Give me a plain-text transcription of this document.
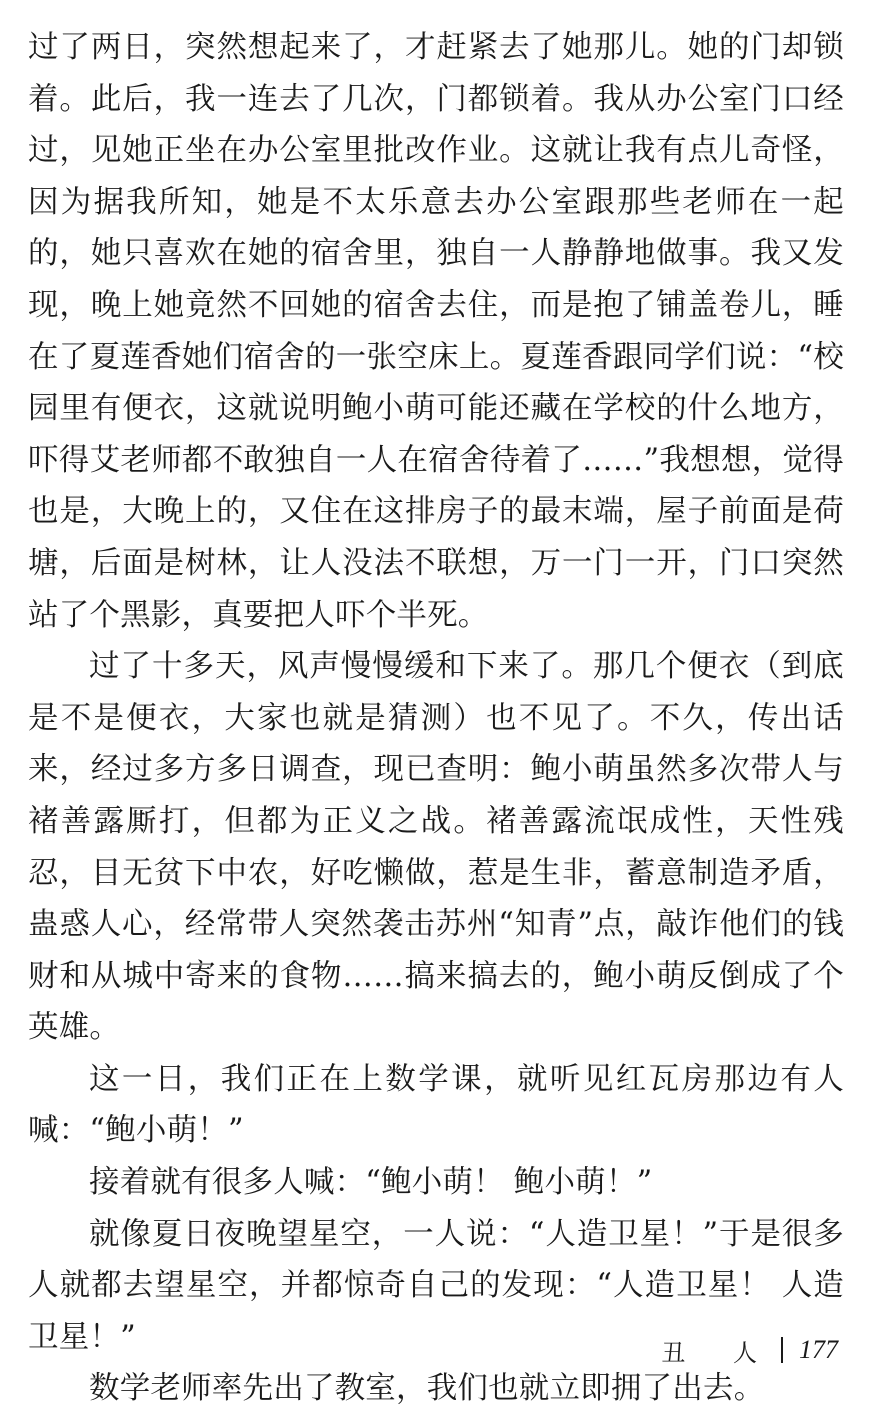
过了两日，突然想起来了，才赶紧去了她那儿。她的门却锁着。此后，我一连去了几次，门都锁着。我从办公室门口经过，见她正坐在办公室里批改作业。这就让我有点儿奇怪，因为据我所知，她是不太乐意去办公室跟那些老师在一起的，她只喜欢在她的宿舍里，独自一人静静地做事。我又发现，晚上她竟然不回她的宿舍去住，而是抱了铺盖卷儿，睡在了夏莲香她们宿舍的一张空床上。夏莲香跟同学们说：“校园里有便衣，这就说明鲍小萌可能还藏在学校的什么地方，吓得艾老师都不敢独自一人在宿舍待着了……”我想想，觉得也是，大晚上的，又住在这排房子的最末端，屋子前面是荷塘，后面是树林，让人没法不联想，万一门一开，门口突然站了个黑影，真要把人吓个半死。

过了十多天，风声慢慢缓和下来了。那几个便衣（到底是不是便衣，大家也就是猜测）也不见了。不久，传出话来，经过多方多日调查，现已查明：鲍小萌虽然多次带人与褚善露厮打，但都为正义之战。褚善露流氓成性，天性残忍，目无贫下中农，好吃懒做，惹是生非，蓄意制造矛盾，蛊惑人心，经常带人突然袭击苏州“知青”点，敲诈他们的钱财和从城中寄来的食物……搞来搞去的，鲍小萌反倒成了个英雄。

这一日，我们正在上数学课，就听见红瓦房那边有人喊：“鲍小萌！”

接着就有很多人喊：“鲍小萌！ 鲍小萌！”

就像夏日夜晚望星空，一人说：“人造卫星！”于是很多人就都去望星空，并都惊奇自己的发现：“人造卫星！ 人造卫星！”

数学老师率先出了教室，我们也就立即拥了出去。

丑 人 177
